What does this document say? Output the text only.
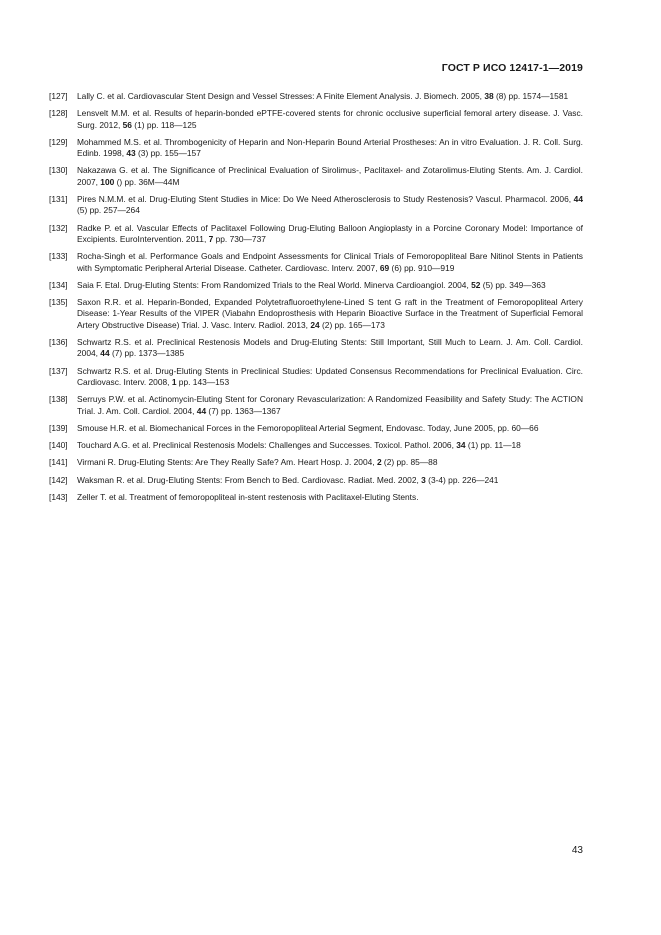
ГОСТ Р ИСО 12417-1—2019
[127]	Lally C. et al. Cardiovascular Stent Design and Vessel Stresses: A Finite Element Analysis. J. Biomech. 2005, 38 (8) pp. 1574—1581
[128]	Lensvelt M.M. et al. Results of heparin-bonded ePTFE-covered stents for chronic occlusive superficial femoral artery disease. J. Vasc. Surg. 2012, 56 (1) pp. 118—125
[129]	Mohammed M.S. et al. Thrombogenicity of Heparin and Non-Heparin Bound Arterial Prostheses: An in vitro Evaluation. J. R. Coll. Surg. Edinb. 1998, 43 (3) pp. 155—157
[130]	Nakazawa G. et al. The Significance of Preclinical Evaluation of Sirolimus-, Paclitaxel- and Zotarolimus-Eluting Stents. Am. J. Cardiol. 2007, 100 () pp. 36M—44M
[131]	Pires N.M.M. et al. Drug-Eluting Stent Studies in Mice: Do We Need Atherosclerosis to Study Restenosis? Vascul. Pharmacol. 2006, 44 (5) pp. 257—264
[132]	Radke P. et al. Vascular Effects of Paclitaxel Following Drug-Eluting Balloon Angioplasty in a Porcine Coronary Model: Importance of Excipients. EuroIntervention. 2011, 7 pp. 730—737
[133]	Rocha-Singh et al. Performance Goals and Endpoint Assessments for Clinical Trials of Femoropopliteal Bare Nitinol Stents in Patients with Symptomatic Peripheral Arterial Disease. Catheter. Cardiovasc. Interv. 2007, 69 (6) pp. 910—919
[134]	Saia F. Etal. Drug-Eluting Stents: From Randomized Trials to the Real World. Minerva Cardioangiol. 2004, 52 (5) pp. 349—363
[135]	Saxon R.R. et al. Heparin-Bonded, Expanded Polytetrafluoroethylene-Lined S tent G raft in the Treatment of Femoropopliteal Artery Disease: 1-Year Results of the VIPER (Viabahn Endoprosthesis with Heparin Bioactive Surface in the Treatment of Superficial Femoral Artery Obstructive Disease) Trial. J. Vasc. Interv. Radiol. 2013, 24 (2) pp. 165—173
[136]	Schwartz R.S. et al. Preclinical Restenosis Models and Drug-Eluting Stents: Still Important, Still Much to Learn. J. Am. Coll. Cardiol. 2004, 44 (7) pp. 1373—1385
[137]	Schwartz R.S. et al. Drug-Eluting Stents in Preclinical Studies: Updated Consensus Recommendations for Preclinical Evaluation. Circ. Cardiovasc. Interv. 2008, 1 pp. 143—153
[138]	Serruys P.W. et al. Actinomycin-Eluting Stent for Coronary Revascularization: A Randomized Feasibility and Safety Study: The ACTION Trial. J. Am. Coll. Cardiol. 2004, 44 (7) pp. 1363—1367
[139]	Smouse H.R. et al. Biomechanical Forces in the Femoropopliteal Arterial Segment, Endovasc. Today, June 2005, pp. 60—66
[140]	Touchard A.G. et al. Preclinical Restenosis Models: Challenges and Successes. Toxicol. Pathol. 2006, 34 (1) pp. 11—18
[141]	Virmani R. Drug-Eluting Stents: Are They Really Safe? Am. Heart Hosp. J. 2004, 2 (2) pp. 85—88
[142]	Waksman R. et al. Drug-Eluting Stents: From Bench to Bed. Cardiovasc. Radiat. Med. 2002, 3 (3-4) pp. 226—241
[143]	Zeller T. et al. Treatment of femoropopliteal in-stent restenosis with Paclitaxel-Eluting Stents.
43
